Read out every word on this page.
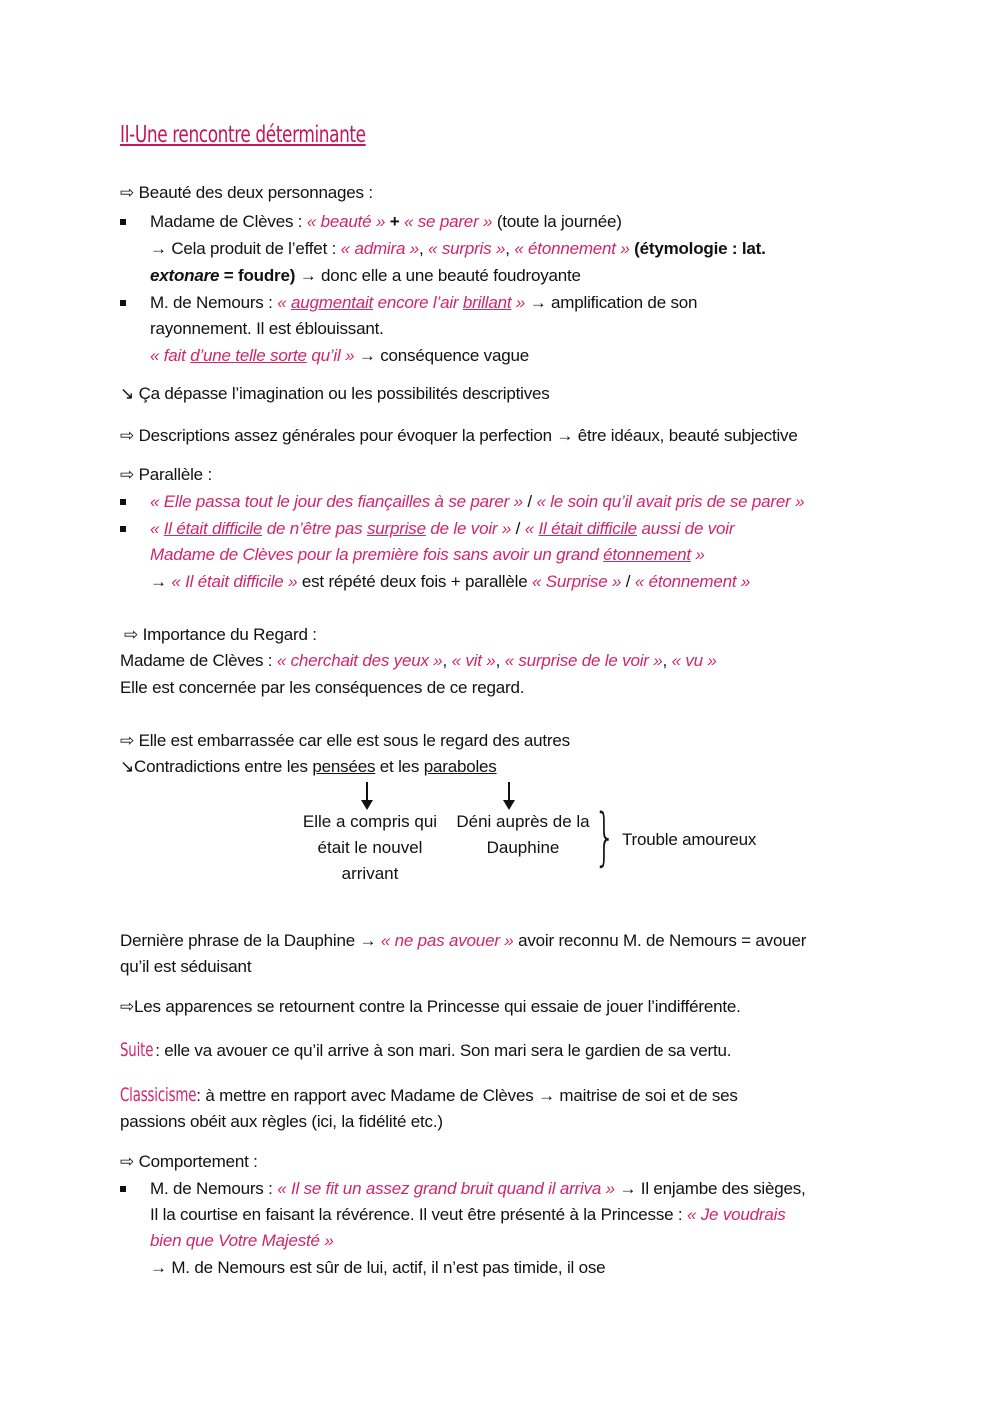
II-Une rencontre déterminante
⇨ Beauté des deux personnages :
Madame de Clèves : « beauté » + « se parer » (toute la journée)
→ Cela produit de l’effet : « admira », « surpris », « étonnement » (étymologie : lat.
extonare = foudre) → donc elle a une beauté foudroyante
M. de Nemours : « augmentait encore l’air brillant » → amplification de son
rayonnement. Il est éblouissant.
« fait d’une telle sorte qu’il » → conséquence vague
↘ Ça dépasse l’imagination ou les possibilités descriptives
⇨ Descriptions assez générales pour évoquer la perfection → être idéaux, beauté subjective
⇨ Parallèle :
« Elle passa tout le jour des fiançailles à se parer » / « le soin qu’il avait pris de se parer »
« Il était difficile de n’être pas surprise de le voir » / « Il était difficile aussi de voir
Madame de Clèves pour la première fois sans avoir un grand étonnement »
→ « Il était difficile » est répété deux fois + parallèle « Surprise » / « étonnement »
⇨ Importance du Regard :
Madame de Clèves : « cherchait des yeux », « vit », « surprise de le voir », « vu »
Elle est concernée par les conséquences de ce regard.
⇨ Elle est embarrassée car elle est sous le regard des autres
↘Contradictions entre les pensées et les paraboles
Elle a compris qui
était le nouvel
arrivant
Déni auprès de la
Dauphine } Trouble amoureux
Dernière phrase de la Dauphine → « ne pas avouer » avoir reconnu M. de Nemours = avouer
qu’il est séduisant
⇨Les apparences se retournent contre la Princesse qui essaie de jouer l’indifférente.
Suite : elle va avouer ce qu’il arrive à son mari. Son mari sera le gardien de sa vertu.
Classicisme : à mettre en rapport avec Madame de Clèves → maitrise de soi et de ses
passions obéit aux règles (ici, la fidélité etc.)
⇨ Comportement :
M. de Nemours : « Il se fit un assez grand bruit quand il arriva » → Il enjambe des sièges,
Il la courtise en faisant la révérence. Il veut être présenté à la Princesse : « Je voudrais
bien que Votre Majesté »
→ M. de Nemours est sûr de lui, actif, il n’est pas timide, il ose
